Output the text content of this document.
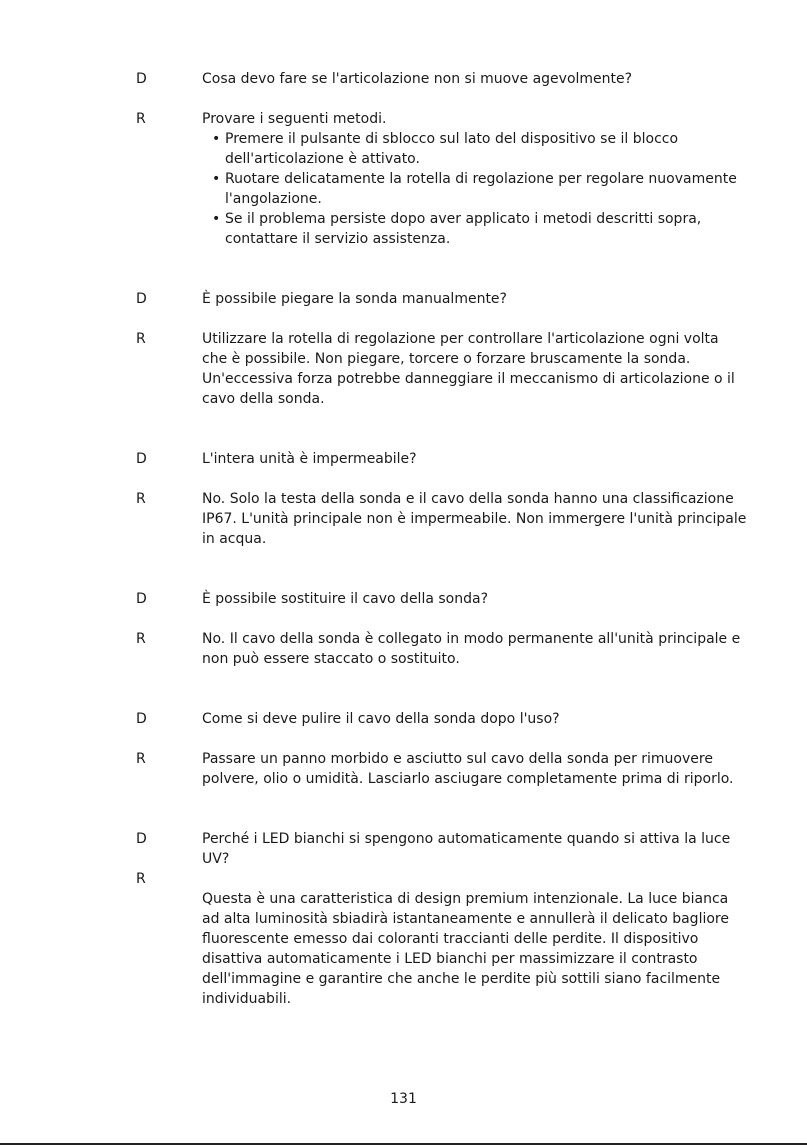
D	Cosa devo fare se l'articolazione non si muove agevolmente?
R	Provare i seguenti metodi.
• Premere il pulsante di sblocco sul lato del dispositivo se il blocco dell'articolazione è attivato.
• Ruotare delicatamente la rotella di regolazione per regolare nuovamente l'angolazione.
• Se il problema persiste dopo aver applicato i metodi descritti sopra, contattare il servizio assistenza.
D	È possibile piegare la sonda manualmente?
R	Utilizzare la rotella di regolazione per controllare l'articolazione ogni volta che è possibile. Non piegare, torcere o forzare bruscamente la sonda. Un'eccessiva forza potrebbe danneggiare il meccanismo di articolazione o il cavo della sonda.
D	L'intera unità è impermeabile?
R	No. Solo la testa della sonda e il cavo della sonda hanno una classificazione IP67. L'unità principale non è impermeabile. Non immergere l'unità principale in acqua.
D	È possibile sostituire il cavo della sonda?
R	No. Il cavo della sonda è collegato in modo permanente all'unità principale e non può essere staccato o sostituito.
D	Come si deve pulire il cavo della sonda dopo l'uso?
R	Passare un panno morbido e asciutto sul cavo della sonda per rimuovere polvere, olio o umidità. Lasciarlo asciugare completamente prima di riporlo.
D	Perché i LED bianchi si spengono automaticamente quando si attiva la luce UV?
R
Questa è una caratteristica di design premium intenzionale. La luce bianca ad alta luminosità sbiadirà istantaneamente e annullerà il delicato bagliore fluorescente emesso dai coloranti traccianti delle perdite. Il dispositivo disattiva automaticamente i LED bianchi per massimizzare il contrasto dell'immagine e garantire che anche le perdite più sottili siano facilmente individuabili.
131
